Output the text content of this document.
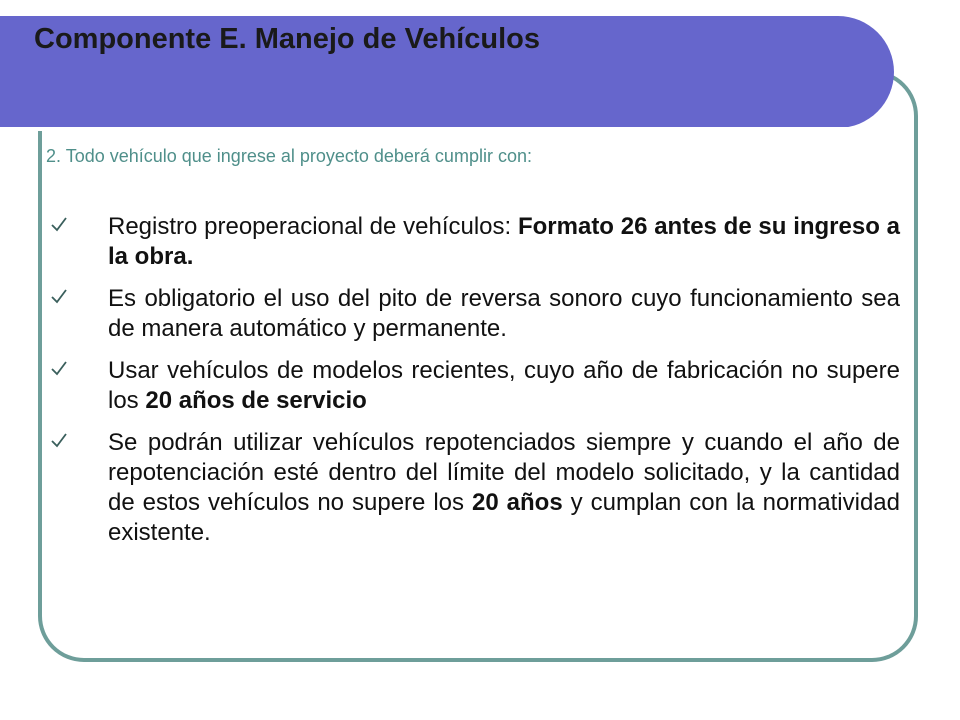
Componente E. Manejo de Vehículos
2. Todo vehículo que ingrese al proyecto deberá cumplir con:
Registro preoperacional de vehículos: Formato 26 antes de su ingreso a la obra.
Es obligatorio el uso del pito de reversa sonoro cuyo funcionamiento sea de manera automático y permanente.
Usar vehículos de modelos recientes, cuyo año de fabricación no supere los 20 años de servicio
Se podrán utilizar vehículos repotenciados siempre y cuando el año de repotenciación esté dentro del límite del modelo solicitado, y la cantidad de estos vehículos no supere los 20 años y cumplan con la normatividad existente.
